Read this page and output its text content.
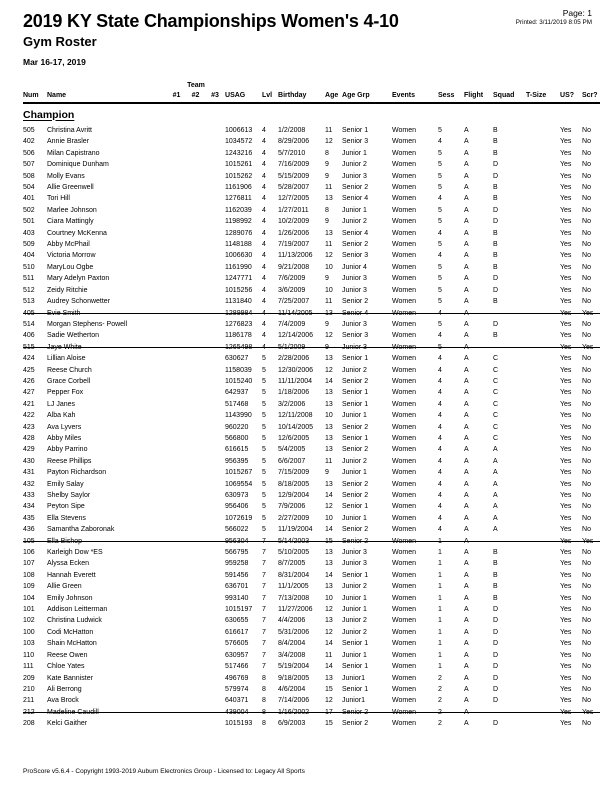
2019 KY State Championships Women's 4-10
Gym Roster
Mar 16-17, 2019
Page: 1
Printed: 3/11/2019 8:05 PM
		Team														
Num	Name	#1	#2	#3	USAG	Lvl	Birthday	Age	Age Grp	Events	Sess	Flight	Squad	T-Size	US?	Scr?
Champion																
505	Christina Avritt				1006613	4	1/2/2008	11	Senior 1	Women	5	A	B		Yes	No
402	Annie Brasler				1034572	4	8/29/2006	12	Senior 3	Women	4	A	B		Yes	No
506	Milan Capistrano				1243216	4	5/7/2010	8	Junior 1	Women	5	A	B		Yes	No
507	Dominique Dunham				1015261	4	7/16/2009	9	Junior 2	Women	5	A	D		Yes	No
508	Molly Evans				1015262	4	5/15/2009	9	Junior 3	Women	5	A	D		Yes	No
504	Allie Greenwell				1161906	4	5/28/2007	11	Senior 2	Women	5	A	B		Yes	No
401	Tori Hill				1276811	4	12/7/2005	13	Senior 4	Women	4	A	B		Yes	No
502	Marlee Johnson				1162039	4	1/27/2011	8	Junior 1	Women	5	A	D		Yes	No
501	Ciara Mattingly				1198992	4	10/2/2009	9	Junior 2	Women	5	A	D		Yes	No
403	Courtney McKenna				1289076	4	1/26/2006	13	Senior 4	Women	4	A	B		Yes	No
509	Abby McPhail				1148188	4	7/19/2007	11	Senior 2	Women	5	A	B		Yes	No
404	Victoria Morrow				1006630	4	11/13/2006	12	Senior 3	Women	4	A	B		Yes	No
510	MaryLou Ogbe				1161990	4	9/21/2008	10	Junior 4	Women	5	A	B		Yes	No
511	Mary Adelyn Paxton				1247771	4	7/6/2009	9	Junior 3	Women	5	A	D		Yes	No
512	Zeidy Ritchie				1015256	4	3/6/2009	10	Junior 3	Women	5	A	D		Yes	No
513	Audrey Schonwetter				1131840	4	7/25/2007	11	Senior 2	Women	5	A	B		Yes	No
405	Evie Smith				1289984	4	11/14/2005	13	Senior 4	Women	4	A			Yes	Yes
514	Morgan Stephens- Powell				1276823	4	7/4/2009	9	Junior 3	Women	5	A	D		Yes	No
406	Sadie Wetherton				1186178	4	12/14/2006	12	Senior 3	Women	4	A	B		Yes	No
515	Jaye White				1265498	4	5/1/2009	9	Junior 3	Women	5	A			Yes	Yes
424	Lillian Aloise				630627	5	2/28/2006	13	Senior 1	Women	4	A	C		Yes	No
425	Reese Church				1158039	5	12/30/2006	12	Junior 2	Women	4	A	C		Yes	No
426	Grace Corbell				1015240	5	11/11/2004	14	Senior 2	Women	4	A	C		Yes	No
427	Pepper Fox				642937	5	1/18/2006	13	Senior 1	Women	4	A	C		Yes	No
421	LJ Janes				517468	5	3/2/2006	13	Senior 1	Women	4	A	C		Yes	No
422	Alba Kah				1143990	5	12/11/2008	10	Junior 1	Women	4	A	C		Yes	No
423	Ava Lyvers				960220	5	10/14/2005	13	Senior 2	Women	4	A	C		Yes	No
428	Abby Miles				566800	5	12/6/2005	13	Senior 1	Women	4	A	C		Yes	No
429	Abby Parrino				616615	5	5/4/2005	13	Senior 2	Women	4	A	A		Yes	No
430	Reese Phillips				956395	5	6/6/2007	11	Junior 2	Women	4	A	A		Yes	No
431	Payton Richardson				1015267	5	7/15/2009	9	Junior 1	Women	4	A	A		Yes	No
432	Emily Salay				1069554	5	8/18/2005	13	Senior 2	Women	4	A	A		Yes	No
433	Shelby Saylor				630973	5	12/9/2004	14	Senior 2	Women	4	A	A		Yes	No
434	Peyton Sipe				956406	5	7/9/2006	12	Senior 1	Women	4	A	A		Yes	No
435	Ella Stevens				1072619	5	2/27/2009	10	Junior 1	Women	4	A	A		Yes	No
436	Samantha Zaboronak				566022	5	11/19/2004	14	Senior 2	Women	4	A	A		Yes	No
105	Ella Bishop				956304	7	5/14/2003	15	Senior 2	Women	1	A			Yes	Yes
106	Karleigh Dow *ES				566795	7	5/10/2005	13	Junior 3	Women	1	A	B		Yes	No
107	Alyssa Ecken				959258	7	8/7/2005	13	Junior 3	Women	1	A	B		Yes	No
108	Hannah Everett				591456	7	8/31/2004	14	Senior 1	Women	1	A	B		Yes	No
109	Allie Green				636701	7	11/1/2005	13	Junior 2	Women	1	A	B		Yes	No
104	Emily Johnson				993140	7	7/13/2008	10	Junior 1	Women	1	A	B		Yes	No
101	Addison Leitterman				1015197	7	11/27/2006	12	Junior 1	Women	1	A	D		Yes	No
102	Christina Ludwick				630655	7	4/4/2006	13	Junior 2	Women	1	A	D		Yes	No
100	Codi McHatton				616617	7	5/31/2006	12	Junior 2	Women	1	A	D		Yes	No
103	Shain McHatton				576605	7	8/4/2004	14	Senior 1	Women	1	A	D		Yes	No
110	Reese Owen				630957	7	3/4/2008	11	Junior 1	Women	1	A	D		Yes	No
111	Chloe Yates				517466	7	5/19/2004	14	Senior 1	Women	1	A	D		Yes	No
209	Kate Bannister				496769	8	9/18/2005	13	Junior1	Women	2	A	D		Yes	No
210	Ali Berrong				579974	8	4/6/2004	15	Senior 1	Women	2	A	D		Yes	No
211	Ava Brock				640371	8	7/14/2006	12	Junior1	Women	2	A	D		Yes	No
212	Madeline Caudill				439004	8	1/16/2002	17	Senior 2	Women	2	A			Yes	Yes
208	Kelci Gaither				1015193	8	6/9/2003	15	Senior 2	Women	2	A	D		Yes	No
ProScore v5.6.4 - Copyright 1993-2019 Auburn Electronics Group - Licensed to: Legacy All Sports
